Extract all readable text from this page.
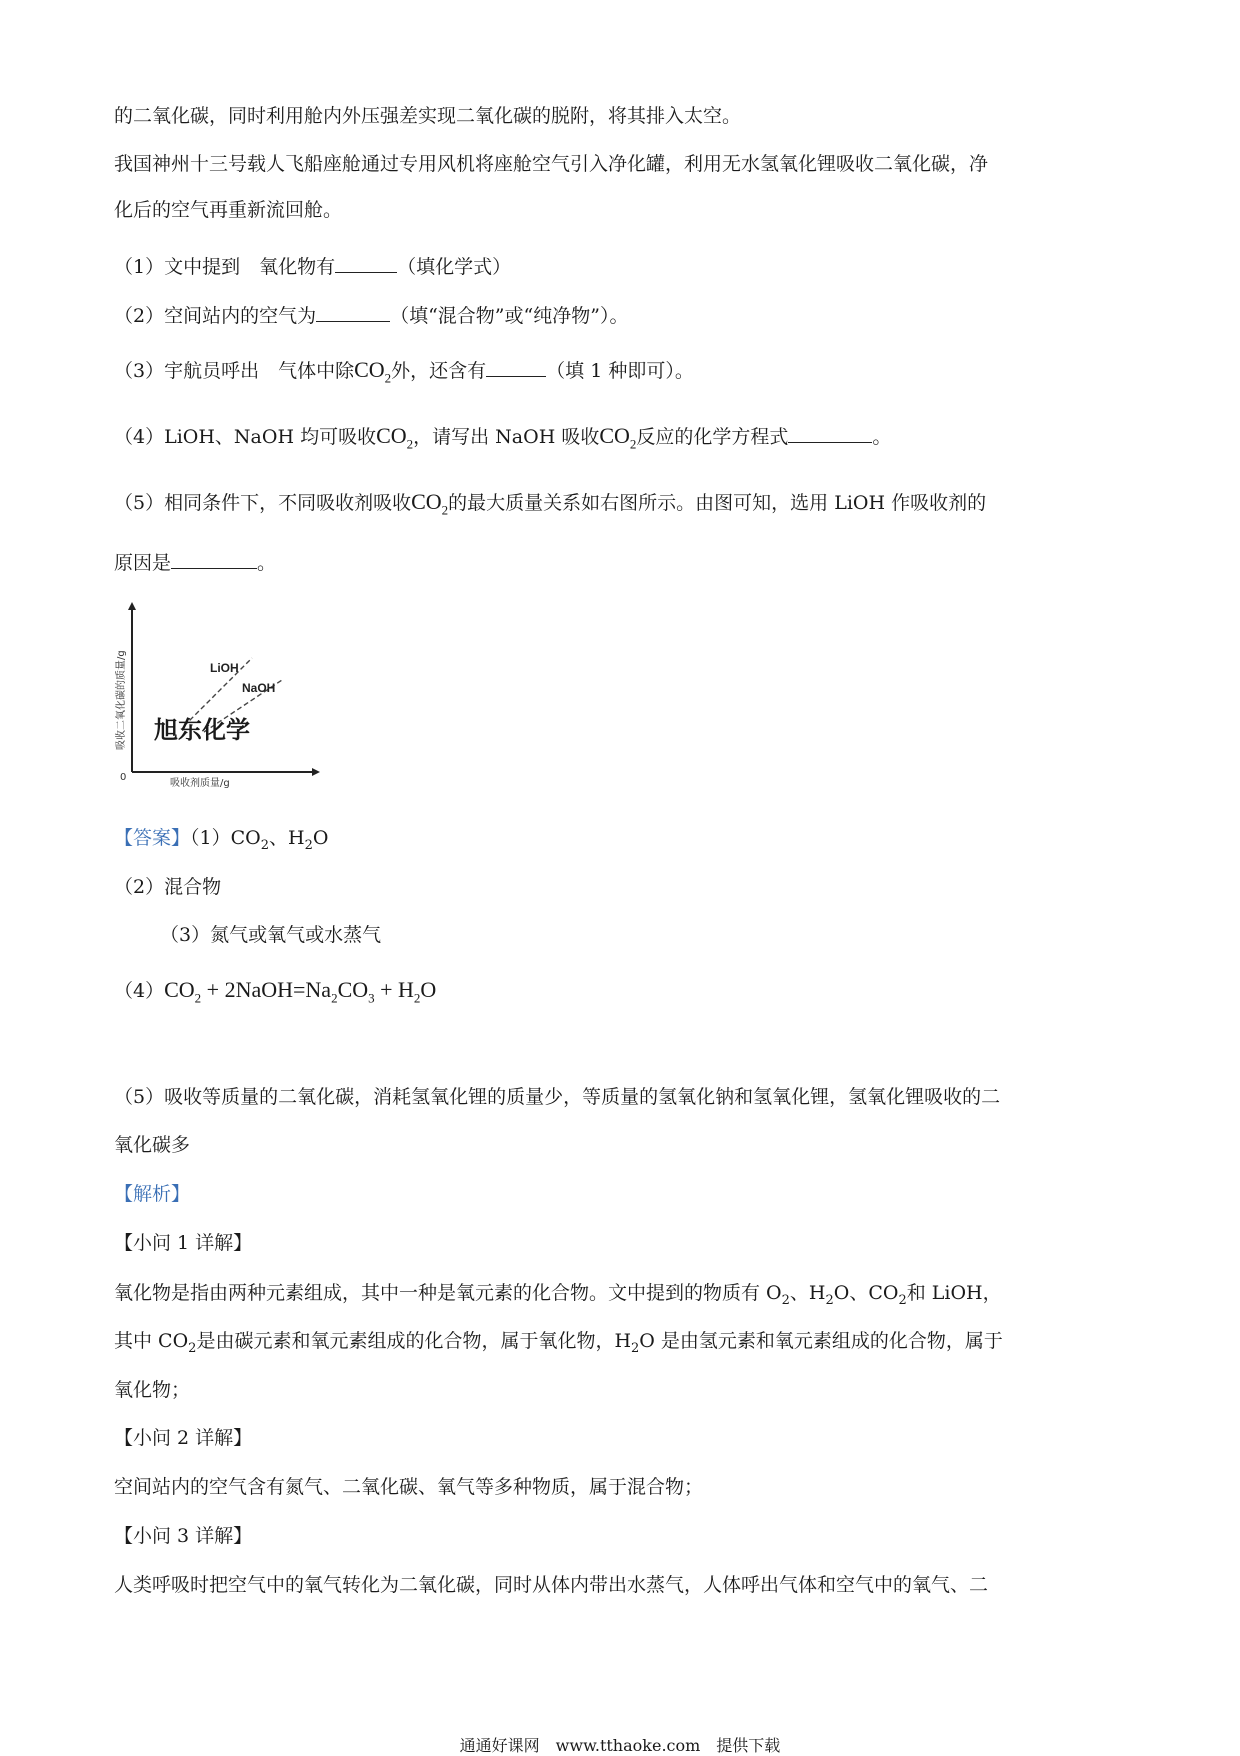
的二氧化碳，同时利用舱内外压强差实现二氧化碳的脱附，将其排入太空。
我国神州十三号载人飞船座舱通过专用风机将座舱空气引入净化罐，利用无水氢氧化锂吸收二氧化碳，净
化后的空气再重新流回舱。
（1）文中提到　氧化物有	（填化学式）
（2）空间站内的空气为	（填“混合物”或“纯净物”）。
（3）宇航员呼出　气体中除$CO_2$外，还含有	（填 1 种即可）。
（4）LiOH、NaOH 均可吸收$CO_2$，请写出 NaOH 吸收$CO_2$反应的化学方程式	。
（5）相同条件下，不同吸收剂吸收$CO_2$的最大质量关系如右图所示。由图可知，选用 LiOH 作吸收剂的
原因是	。
LiOH
NaOH
旭东化学
吸收剂质量/g
吸收二氧化碳的质量/g
0
【答案】$(1)CO_2$、$H_2O$
（2）混合物
（3）氮气或氧气或水蒸气
$(4)CO_2$ + $2NaOH=Na_2CO_3 + H_2O$
（5）吸收等质量的二氧化碳，消耗氢氧化锂的质量少，等质量的氢氧化钠和氢氧化锂，氢氧化锂吸收的二
氧化碳多
【解析】
【小问 1 详解】
氧化物是指由两种元素组成，其中一种是氧元素的化合物。文中提到的物质有 $O_2$、$H_2O$、$CO_2$和 LiOH，
其中 $CO_2$是由碳元素和氧元素组成的化合物，属于氧化物，$H_2O$ 是由氢元素和氧元素组成的化合物，属于
氧化物；
【小问 2 详解】
空间站内的空气含有氮气、二氧化碳、氧气等多种物质，属于混合物；
【小问 3 详解】
人类呼吸时把空气中的氧气转化为二氧化碳，同时从体内带出水蒸气，人体呼出气体和空气中的氧气、二
通通好课网　www.tthaoke.com　提供下载
